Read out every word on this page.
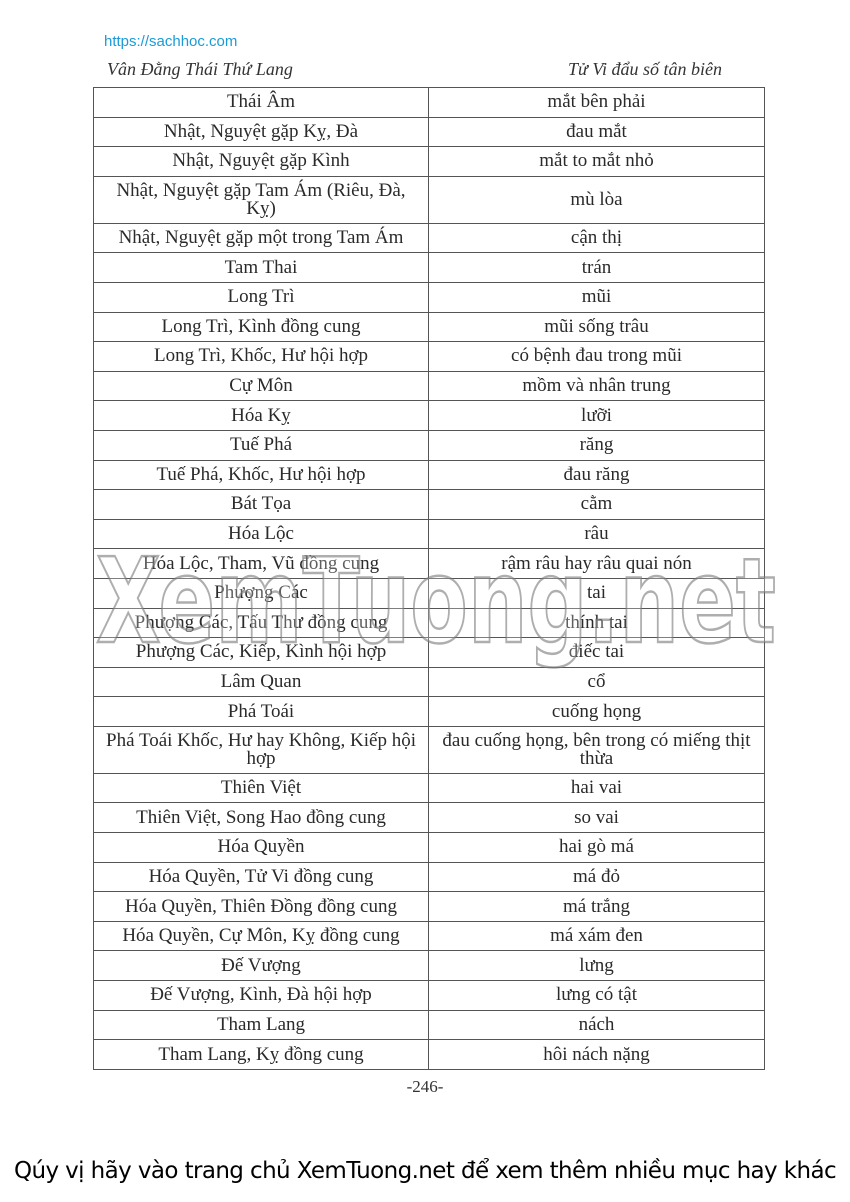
https://sachhoc.com
Vân Đằng Thái Thứ Lang	Tử Vi đẩu số tân biên
Thái Âm	mắt bên phải
Nhật, Nguyệt gặp Kỵ, Đà	đau mắt
Nhật, Nguyệt gặp Kình	mắt to mắt nhỏ
Nhật, Nguyệt gặp Tam Ám (Riêu, Đà, Kỵ)	mù lòa
Nhật, Nguyệt gặp một trong Tam Ám	cận thị
Tam Thai	trán
Long Trì	mũi
Long Trì, Kình đồng cung	mũi sống trâu
Long Trì, Khốc, Hư hội hợp	có bệnh đau trong mũi
Cự Môn	mồm và nhân trung
Hóa Kỵ	lưỡi
Tuế Phá	răng
Tuế Phá, Khốc, Hư hội hợp	đau răng
Bát Tọa	cằm
Hóa Lộc	râu
Hóa Lộc, Tham, Vũ đồng cung	rậm râu hay râu quai nón
Phượng Các	tai
Phượng Các, Tấu Thư đồng cung	thính tai
Phượng Các, Kiếp, Kình hội hợp	điếc tai
Lâm Quan	cổ
Phá Toái	cuống họng
Phá Toái Khốc, Hư hay Không, Kiếp hội hợp	đau cuống họng, bên trong có miếng thịt thừa
Thiên Việt	hai vai
Thiên Việt, Song Hao đồng cung	so vai
Hóa Quyền	hai gò má
Hóa Quyền, Tử Vi đồng cung	má đỏ
Hóa Quyền, Thiên Đồng đồng cung	má trắng
Hóa Quyền, Cự Môn, Kỵ đồng cung	má xám đen
Đế Vượng	lưng
Đế Vượng, Kình, Đà hội hợp	lưng có tật
Tham Lang	nách
Tham Lang, Kỵ đồng cung	hôi nách nặng
XemTuong.net
-246-
Qúy vị hãy vào trang chủ XemTuong.net để xem thêm nhiều mục hay khác
